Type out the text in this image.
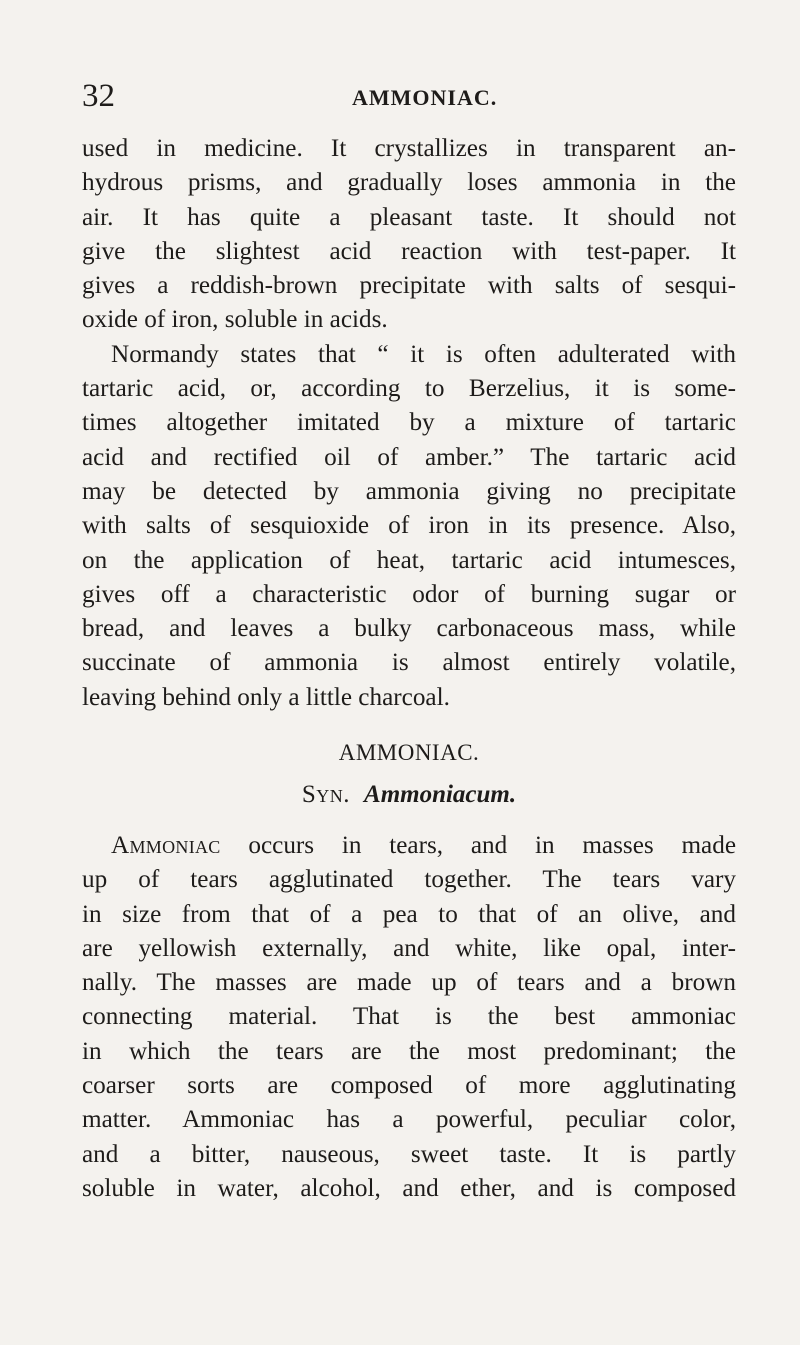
32	AMMONIAC.
used in medicine. It crystallizes in transparent an-
hydrous prisms, and gradually loses ammonia in the
air. It has quite a pleasant taste. It should not
give the slightest acid reaction with test-paper. It
gives a reddish-brown precipitate with salts of sesqui-
oxide of iron, soluble in acids.
Normandy states that “ it is often adulterated with
tartaric acid, or, according to Berzelius, it is some-
times altogether imitated by a mixture of tartaric
acid and rectified oil of amber.” The tartaric acid
may be detected by ammonia giving no precipitate
with salts of sesquioxide of iron in its presence. Also,
on the application of heat, tartaric acid intumesces,
gives off a characteristic odor of burning sugar or
bread, and leaves a bulky carbonaceous mass, while
succinate of ammonia is almost entirely volatile,
leaving behind only a little charcoal.
AMMONIAC.
Syn. Ammoniacum.
Ammoniac occurs in tears, and in masses made
up of tears agglutinated together. The tears vary
in size from that of a pea to that of an olive, and
are yellowish externally, and white, like opal, inter-
nally. The masses are made up of tears and a brown
connecting material. That is the best ammoniac
in which the tears are the most predominant; the
coarser sorts are composed of more agglutinating
matter. Ammoniac has a powerful, peculiar color,
and a bitter, nauseous, sweet taste. It is partly
soluble in water, alcohol, and ether, and is composed
